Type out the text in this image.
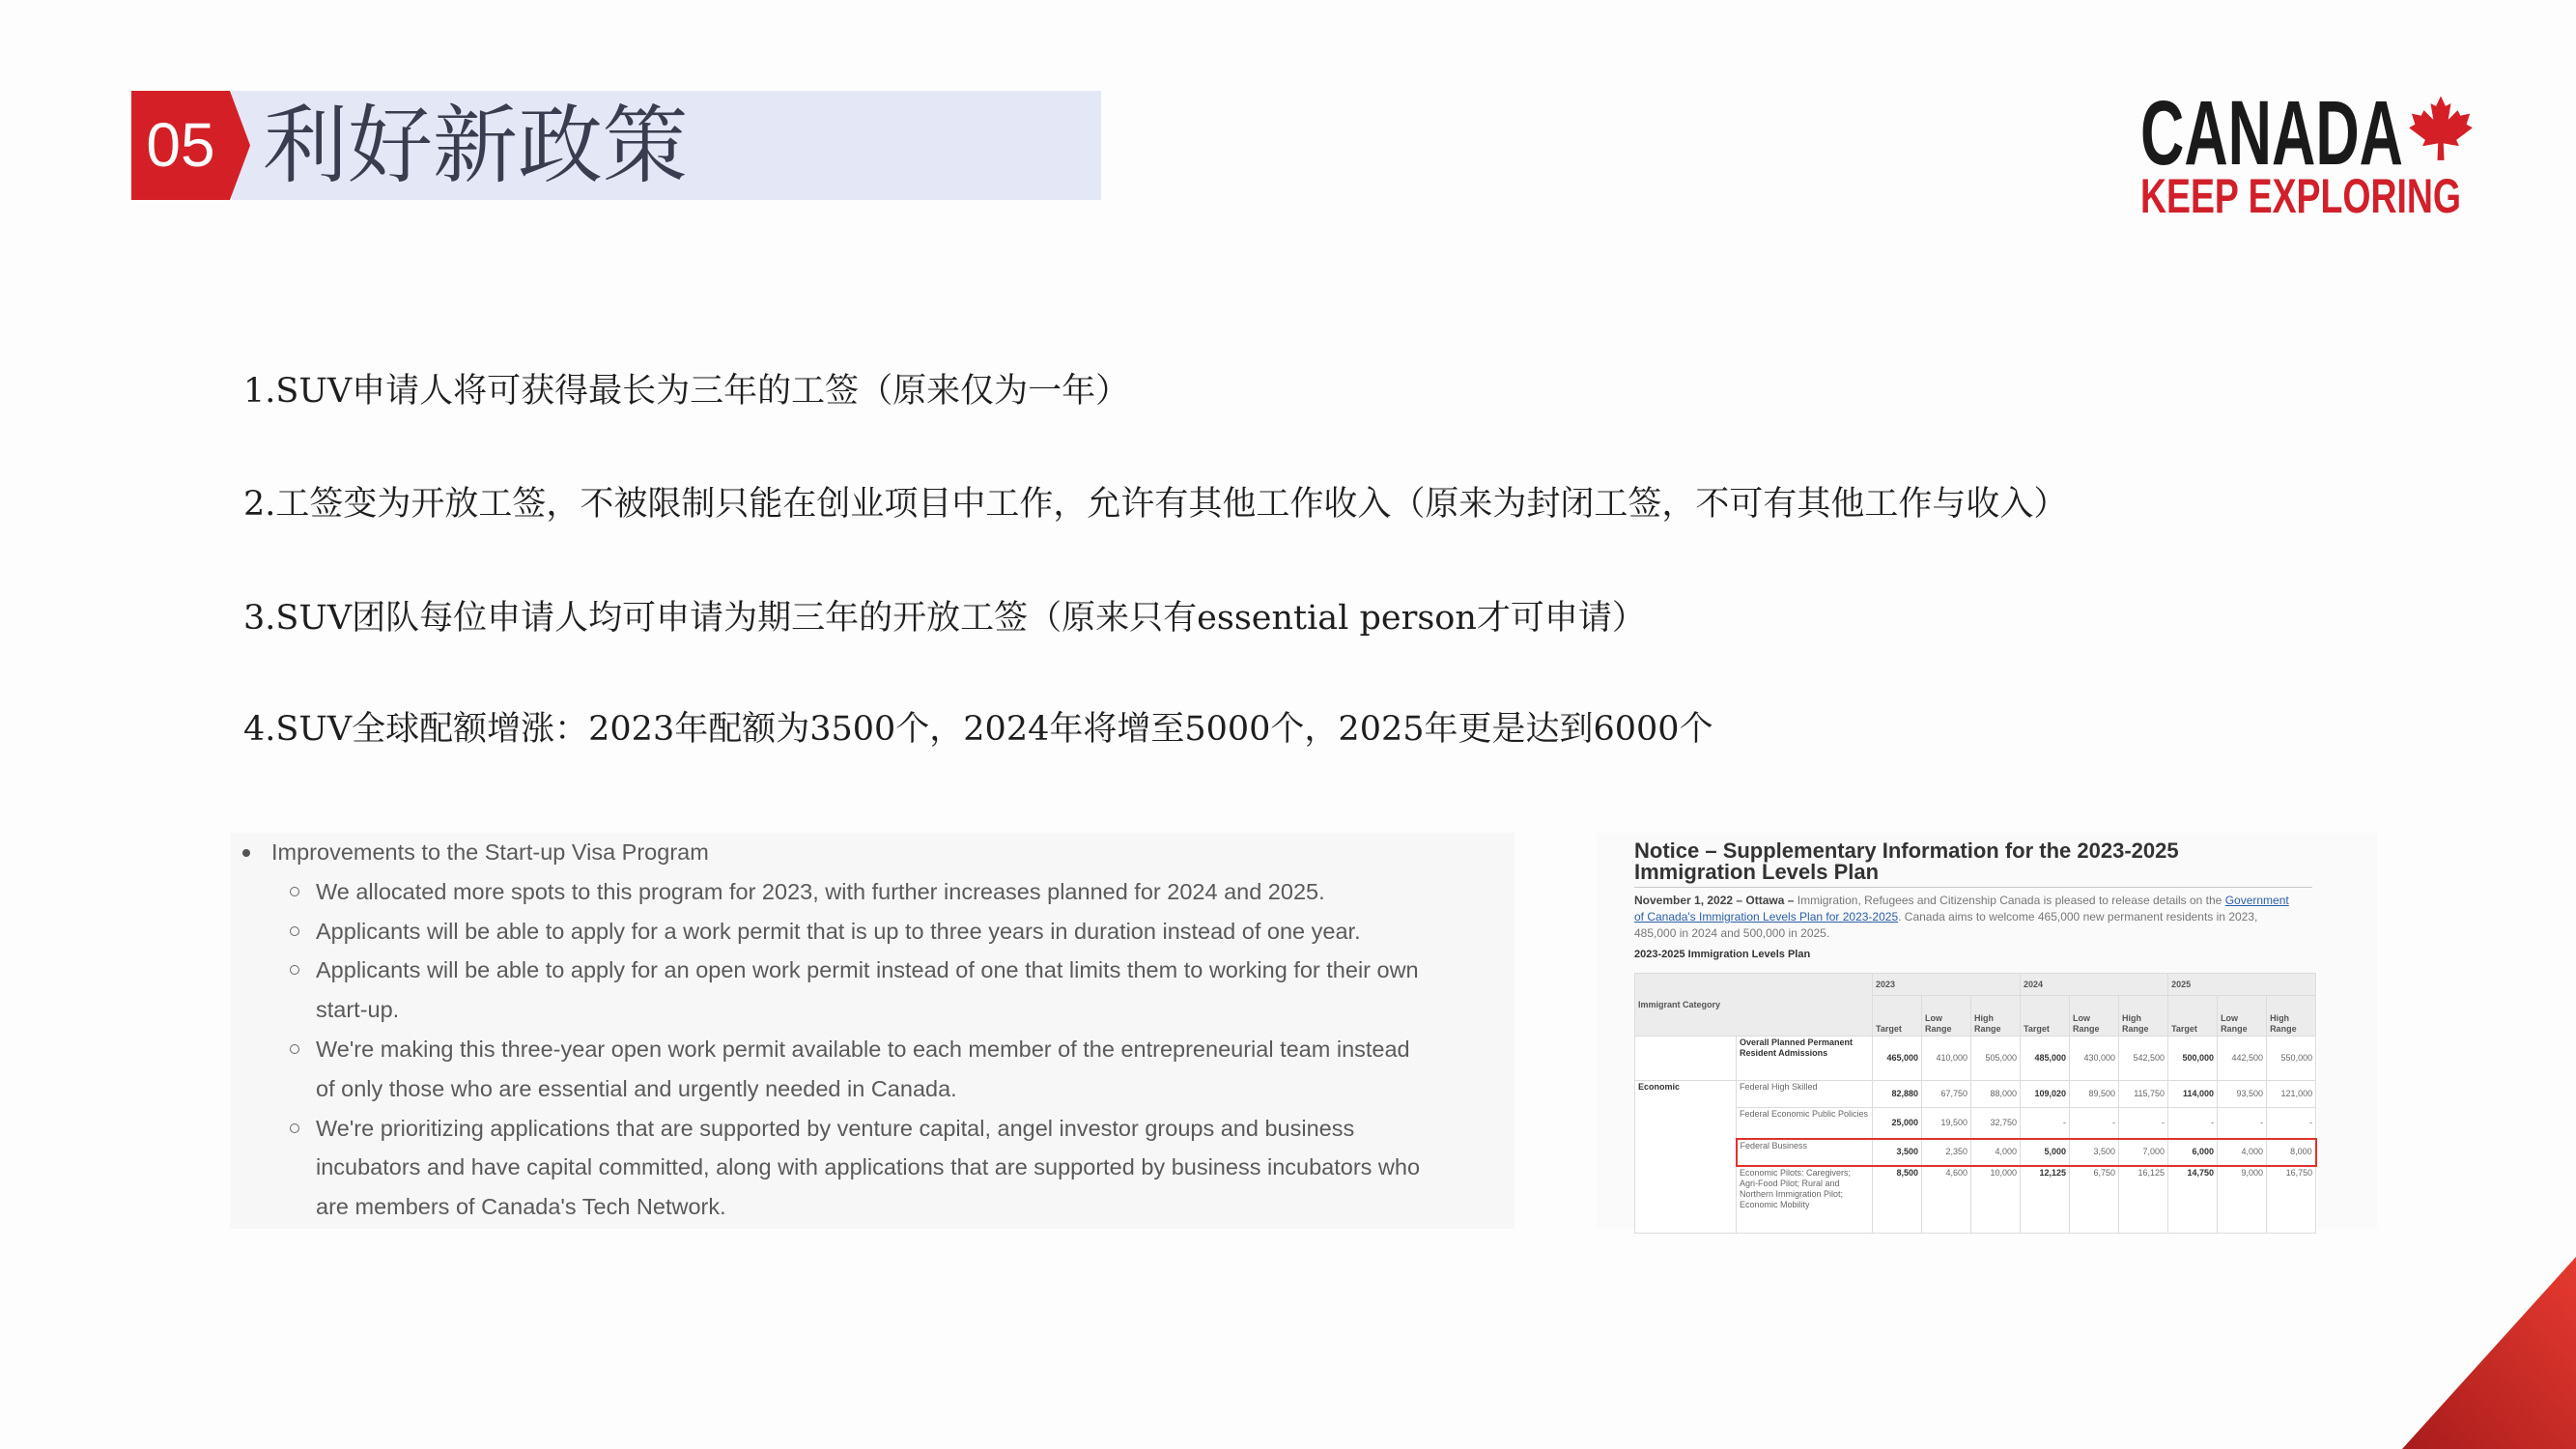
05 利好新政策	CANADA
KEEP EXPLORING
1.SUV申请人将可获得最长为三年的工签（原来仅为一年）
2.工签变为开放工签，不被限制只能在创业项目中工作，允许有其他工作收入（原来为封闭工签，不可有其他工作与收入）
3.SUV团队每位申请人均可申请为期三年的开放工签（原来只有essential person才可申请）
4.SUV全球配额增涨：2023年配额为3500个，2024年将增至5000个，2025年更是达到6000个
Improvements to the Start-up Visa Program
We allocated more spots to this program for 2023, with further increases planned for 2024 and 2025.
Applicants will be able to apply for a work permit that is up to three years in duration instead of one year.
Applicants will be able to apply for an open work permit instead of one that limits them to working for their own
start-up.
We're making this three-year open work permit available to each member of the entrepreneurial team instead
of only those who are essential and urgently needed in Canada.
We're prioritizing applications that are supported by venture capital, angel investor groups and business
incubators and have capital committed, along with applications that are supported by business incubators who
are members of Canada's Tech Network.
Notice – Supplementary Information for the 2023-2025 Immigration Levels Plan
November 1, 2022 – Ottawa – Immigration, Refugees and Citizenship Canada is pleased to release details on the Government of Canada's Immigration Levels Plan for 2023-2025. Canada aims to welcome 465,000 new permanent residents in 2023, 485,000 in 2024 and 500,000 in 2025.
2023-2025 Immigration Levels Plan
Immigrant Category		2023			2024			2025		
		Target	Low Range	High Range	Target	Low Range	High Range	Target	Low Range	High Range
	Overall Planned Permanent Resident Admissions	465,000	410,000	505,000	485,000	430,000	542,500	500,000	442,500	550,000
Economic	Federal High Skilled	82,880	67,750	88,000	109,020	89,500	115,750	114,000	93,500	121,000
	Federal Economic Public Policies	25,000	19,500	32,750	-	-	-	-	-	-
	Federal Business	3,500	2,350	4,000	5,000	3,500	7,000	6,000	4,000	8,000
	Economic Pilots: Caregivers; Agri-Food Pilot; Rural and Northern Immigration Pilot; Economic Mobility	8,500	4,600	10,000	12,125	6,750	16,125	14,750	9,000	16,750
